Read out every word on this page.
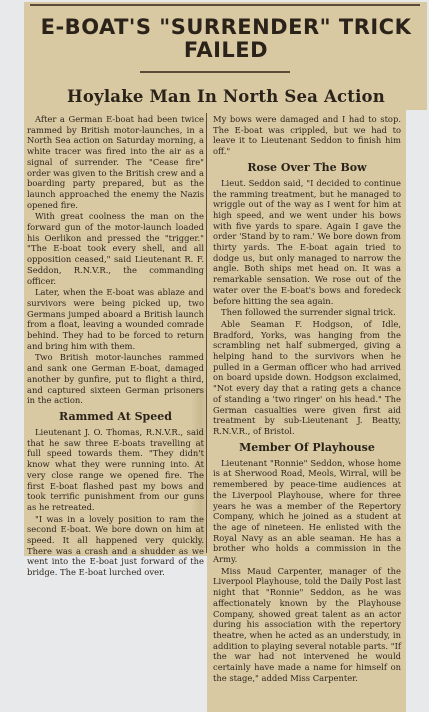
E-BOAT'S "SURRENDER" TRICK
FAILED
Hoylake Man In North Sea Action

After a German E-boat had been twice rammed by British motor-launches, in a North Sea action on Saturday morning, a white tracer was fired into the air as a signal of surrender. The "Cease fire" order was given to the British crew and a boarding party prepared, but as the launch approached the enemy the Nazis opened fire.

With great coolness the man on the forward gun of the motor-launch loaded his Oerlikon and pressed the "trigger." "The E-boat took every shell, and all opposition ceased," said Lieutenant R. F. Seddon, R.N.V.R., the commanding officer.

Later, when the E-boat was ablaze and survivors were being picked up, two Germans jumped aboard a British launch from a float, leaving a wounded comrade behind. They had to be forced to return and bring him with them.

Two British motor-launches rammed and sank one German E-boat, damaged another by gunfire, put to flight a third, and captured sixteen German prisoners in the action.

Rammed At Speed

Lieutenant J. O. Thomas, R.N.V.R., said that he saw three E-boats travelling at full speed towards them. "They didn't know what they were running into. At very close range we opened fire. The first E-boat flashed past my bows and took terrific punishment from our guns as he retreated.

"I was in a lovely position to ram the second E-boat. We bore down on him at speed. It all happened very quickly. There was a crash and a shudder as we went into the E-boat just forward of the bridge. The E-boat lurched over.

My bows were damaged and I had to stop. The E-boat was crippled, but we had to leave it to Lieutenant Seddon to finish him off."

Rose Over The Bow

Lieut. Seddon said, "I decided to continue the ramming treatment, but he managed to wriggle out of the way as I went for him at high speed, and we went under his bows with five yards to spare. Again I gave the order 'Stand by to ram.' We bore down from thirty yards. The E-boat again tried to dodge us, but only managed to narrow the angle. Both ships met head on. It was a remarkable sensation. We rose out of the water over the E-boat's bows and foredeck before hitting the sea again.

Then followed the surrender signal trick.

Able Seaman F. Hodgson, of Idle, Bradford, Yorks, was hanging from the scrambling net half submerged, giving a helping hand to the survivors when he pulled in a German officer who had arrived on board upside down. Hodgson exclaimed, "Not every day that a rating gets a chance of standing a 'two ringer' on his head." The German casualties were given first aid treatment by sub-Lieutenant J. Beatty, R.N.V.R., of Bristol.

Member Of Playhouse

Lieutenant "Ronnie" Seddon, whose home is at Sherwood Road, Meols, Wirral, will be remembered by peace-time audiences at the Liverpool Playhouse, where for three years he was a member of the Repertory Company, which he joined as a student at the age of nineteen. He enlisted with the Royal Navy as an able seaman. He has a brother who holds a commission in the Army.

Miss Maud Carpenter, manager of the Liverpool Playhouse, told the Daily Post last night that "Ronnie" Seddon, as he was affectionately known by the Playhouse Company, showed great talent as an actor during his association with the repertory theatre, when he acted as an understudy, in addition to playing several notable parts. "If the war had not intervened he would certainly have made a name for himself on the stage," added Miss Carpenter.
